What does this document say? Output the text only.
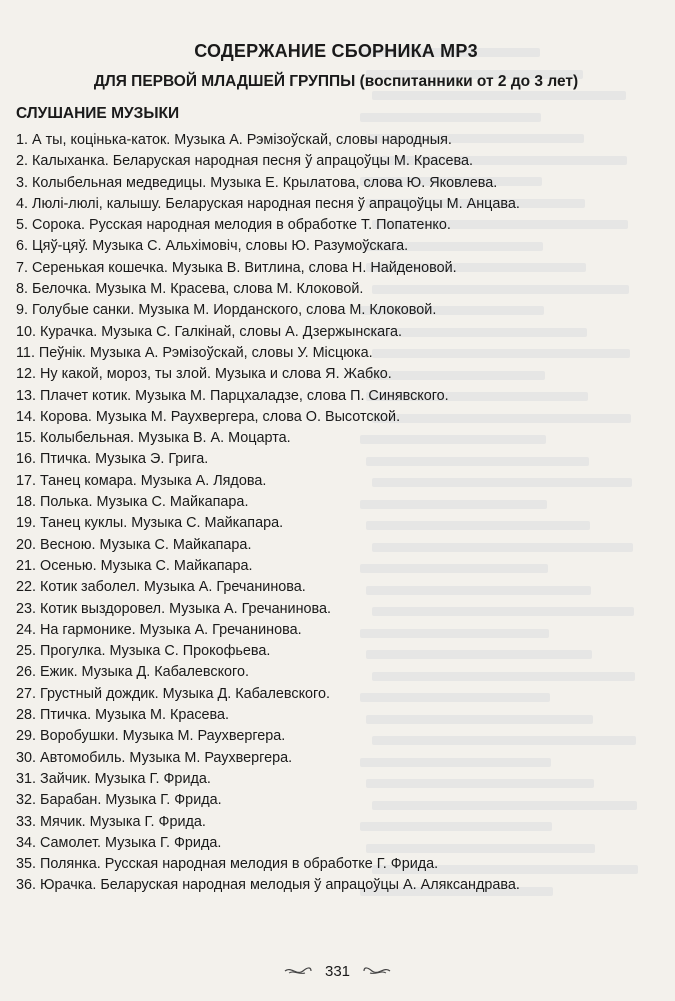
СОДЕРЖАНИЕ СБОРНИКА MP3
ДЛЯ ПЕРВОЙ МЛАДШЕЙ ГРУППЫ (воспитанники от 2 до 3 лет)
СЛУШАНИЕ МУЗЫКИ
1. А ты, коцінька-каток. Музыка А. Рэмізоўскай, словы народныя.
2. Калыханка. Беларуская народная песня ў апрацоўцы М. Красева.
3. Колыбельная медведицы. Музыка Е. Крылатова, слова Ю. Яковлева.
4. Люлі-люлі, калышу. Беларуская народная песня ў апрацоўцы М. Анцава.
5. Сорока. Русская народная мелодия в обработке Т. Попатенко.
6. Цяў-цяў. Музыка С. Альхімовіч, словы Ю. Разумоўскага.
7. Серенькая кошечка. Музыка В. Витлина, слова Н. Найденовой.
8. Белочка. Музыка М. Красева, слова М. Клоковой.
9. Голубые санки. Музыка М. Иорданского, слова М. Клоковой.
10. Курачка. Музыка С. Галкінай, словы А. Дзержынскага.
11. Пеўнік. Музыка А. Рэмізоўскай, словы У. Місцюка.
12. Ну какой, мороз, ты злой. Музыка и слова Я. Жабко.
13. Плачет котик. Музыка М. Парцхаладзе, слова П. Синявского.
14. Корова. Музыка М. Раухвергера, слова О. Высотской.
15. Колыбельная. Музыка В. А. Моцарта.
16. Птичка. Музыка Э. Грига.
17. Танец комара. Музыка А. Лядова.
18. Полька. Музыка С. Майкапара.
19. Танец куклы. Музыка С. Майкапара.
20. Весною. Музыка С. Майкапара.
21. Осенью. Музыка С. Майкапара.
22. Котик заболел. Музыка А. Гречанинова.
23. Котик выздоровел. Музыка А. Гречанинова.
24. На гармонике. Музыка А. Гречанинова.
25. Прогулка. Музыка С. Прокофьева.
26. Ежик. Музыка Д. Кабалевского.
27. Грустный дождик. Музыка Д. Кабалевского.
28. Птичка. Музыка М. Красева.
29. Воробушки. Музыка М. Раухвергера.
30. Автомобиль. Музыка М. Раухвергера.
31. Зайчик. Музыка Г. Фрида.
32. Барабан. Музыка Г. Фрида.
33. Мячик. Музыка Г. Фрида.
34. Самолет. Музыка Г. Фрида.
35. Полянка. Русская народная мелодия в обработке Г. Фрида.
36. Юрачка. Беларуская народная мелодыя ў апрацоўцы А. Аляксандрава.
331
